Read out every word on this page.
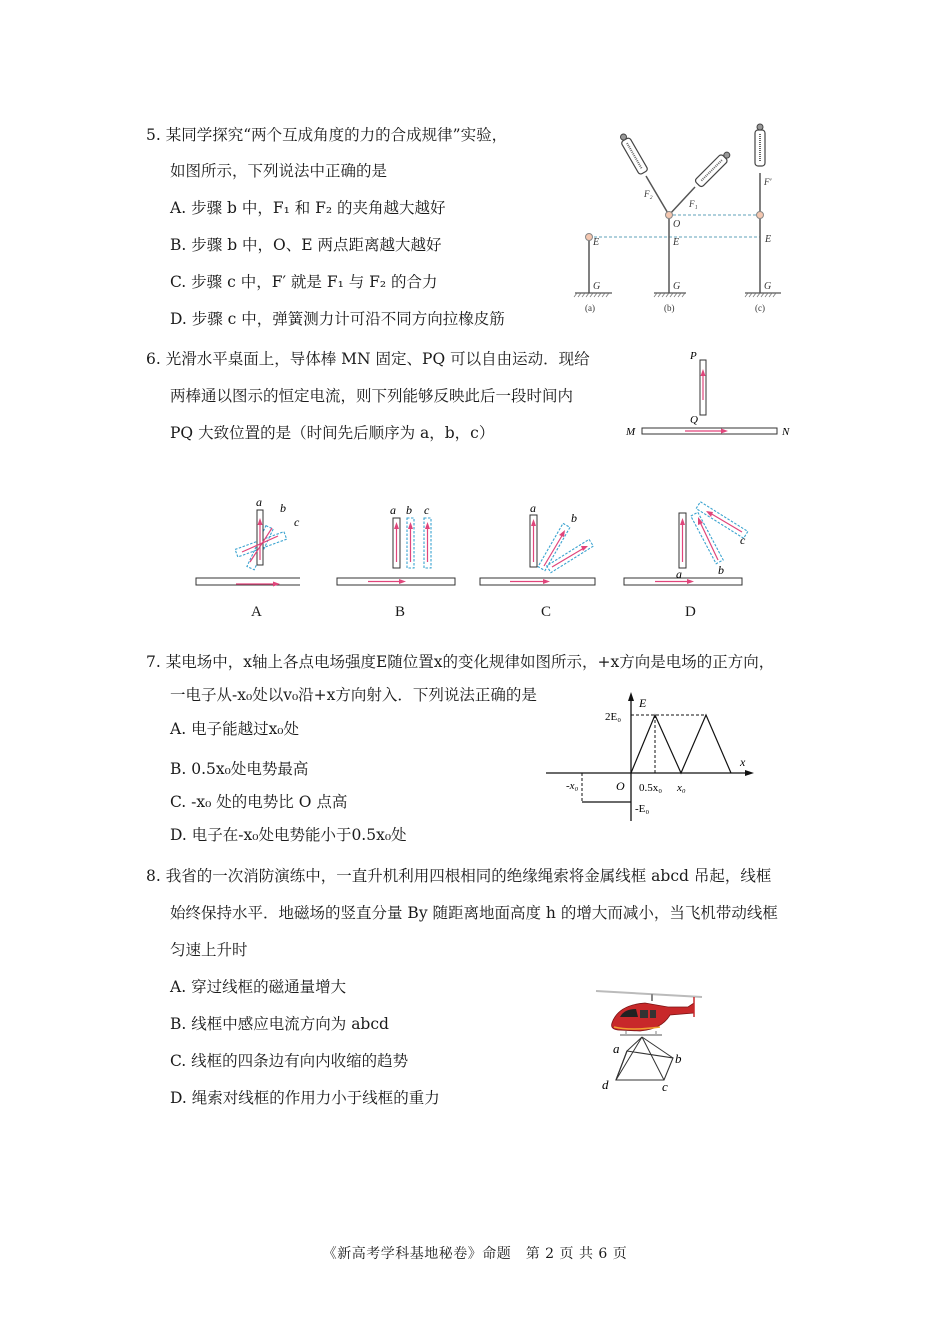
5. 某同学探究“两个互成角度的力的合成规律”实验，
如图所示，下列说法中正确的是
A. 步骤 b 中，F₁ 和 F₂ 的夹角越大越好
B. 步骤 b 中，O、E 两点距离越大越好
C. 步骤 c 中，F′ 就是 F₁ 与 F₂ 的合力
D. 步骤 c 中，弹簧测力计可沿不同方向拉橡皮筋
O
E	E	E
G	G	G
F₁
F₂
F′
(a)	(b)	(c)
6. 光滑水平桌面上，导体棒 MN 固定、PQ 可以自由运动．现给
两棒通以图示的恒定电流，则下列能够反映此后一段时间内
PQ 大致位置的是（时间先后顺序为 a，b，c）
P
Q
M	N
a b
c
A
a b c
B
a
b
C
a	b
c
D
7. 某电场中，x轴上各点电场强度E随位置x的变化规律如图所示，+x方向是电场的正方向，
一电子从-x₀处以v₀沿+x方向射入．下列说法正确的是
A. 电子能越过x₀处
B. 0.5x₀处电势最高
C. -x₀ 处的电势比 O 点高
D. 电子在-x₀处电势能小于0.5x₀处
E
x
2E₀
-E₀
-x₀	O 0.5x₀ x₀
8. 我省的一次消防演练中，一直升机利用四根相同的绝缘绳索将金属线框 abcd 吊起，线框
始终保持水平．地磁场的竖直分量 By 随距离地面高度 h 的增大而减小，当飞机带动线框
匀速上升时
A. 穿过线框的磁通量增大
B. 线框中感应电流方向为 abcd
C. 线框的四条边有向内收缩的趋势
D. 绳索对线框的作用力小于线框的重力
a
b
c
d
《新高考学科基地秘卷》命题　第 2 页 共 6 页
